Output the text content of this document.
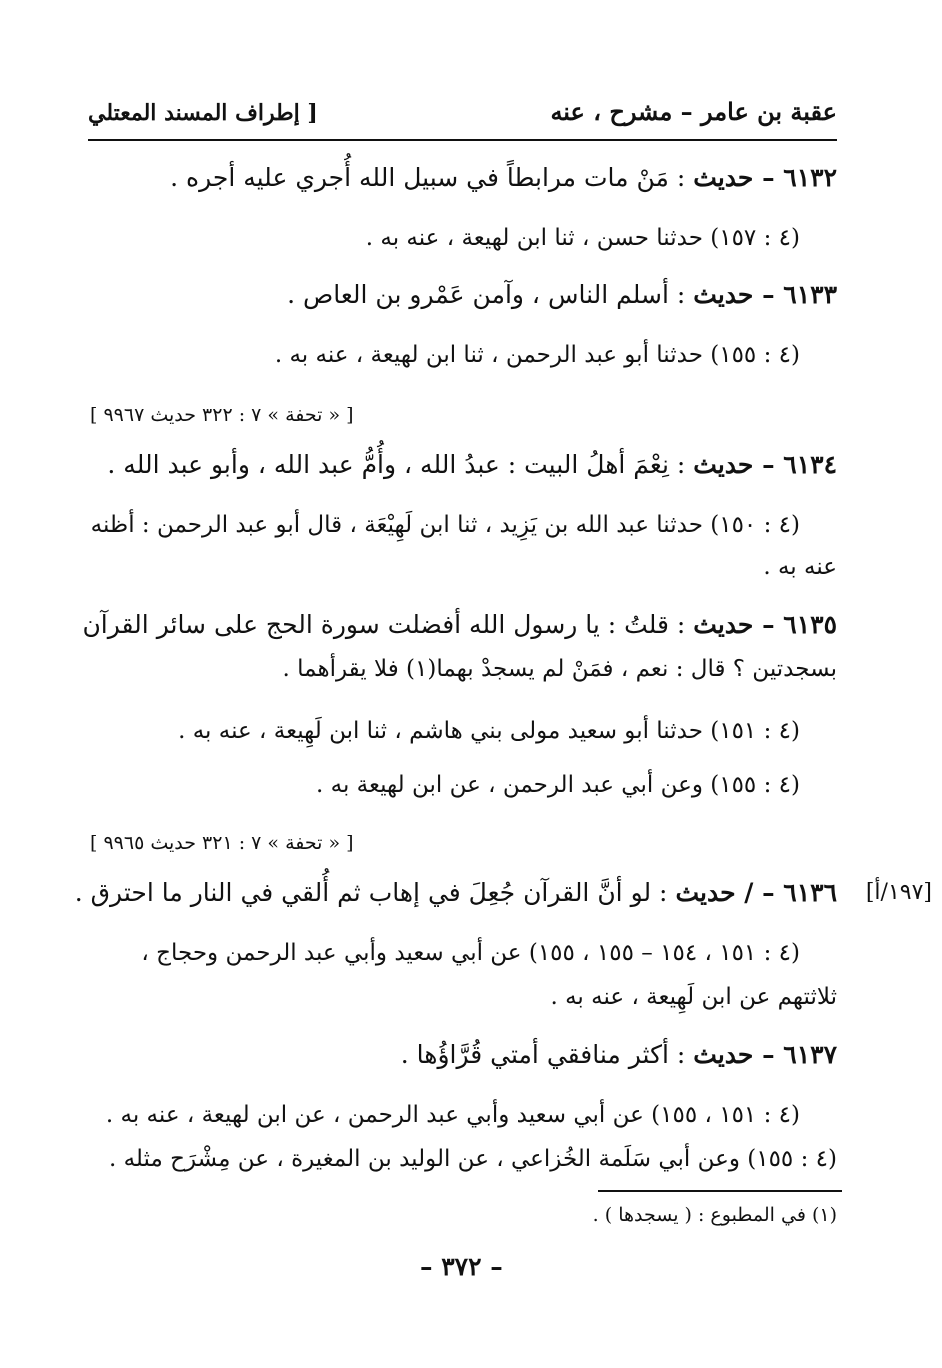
عقبة بن عامر – مشرح ، عنه
[ إطراف المسند المعتلي
٦١٣٢ – حديث : مَنْ مات مرابطاً في سبيل الله أُجري عليه أجره .
(٤ : ١٥٧) حدثنا حسن ، ثنا ابن لهيعة ، عنه به .
٦١٣٣ – حديث : أسلم الناس ، وآمن عَمْرو بن العاص .
(٤ : ١٥٥) حدثنا أبو عبد الرحمن ، ثنا ابن لهيعة ، عنه به .
[ « تحفة » ٧ : ٣٢٢ حديث ٩٩٦٧ ]
٦١٣٤ – حديث : نِعْمَ أهلُ البيت : عبدُ الله ، وأُمُّ عبد الله ، وأبو عبد الله .
(٤ : ١٥٠) حدثنا عبد الله بن يَزِيد ، ثنا ابن لَهِيْعَة ، قال أبو عبد الرحمن : أظنه
عنه به .
٦١٣٥ – حديث : قلتُ : يا رسول الله أفضلت سورة الحج على سائر القرآن
بسجدتين ؟ قال : نعم ، فمَنْ لم يسجدْ بهما(١) فلا يقرأهما .
(٤ : ١٥١) حدثنا أبو سعيد مولى بني هاشم ، ثنا ابن لَهِيعة ، عنه به .
(٤ : ١٥٥) وعن أبي عبد الرحمن ، عن ابن لهيعة به .
[ « تحفة » ٧ : ٣٢١ حديث ٩٩٦٥ ]
[١٩٧/أ]
٦١٣٦ – / حديث : لو أنَّ القرآن جُعِلَ في إهاب ثم أُلقي في النار ما احترق .
(٤ : ١٥١ ، ١٥٤ – ١٥٥ ، ١٥٥) عن أبي سعيد وأبي عبد الرحمن وحجاج ،
ثلاثتهم عن ابن لَهِيعة ، عنه به .
٦١٣٧ – حديث : أكثر منافقي أمتي قُرَّاؤُها .
(٤ : ١٥١ ، ١٥٥) عن أبي سعيد وأبي عبد الرحمن ، عن ابن لهيعة ، عنه به .
(٤ : ١٥٥) وعن أبي سَلَمة الخُزاعي ، عن الوليد بن المغيرة ، عن مِشْرَح مثله .
(١) في المطبوع : ( يسجدها ) .
– ٣٧٢ –
